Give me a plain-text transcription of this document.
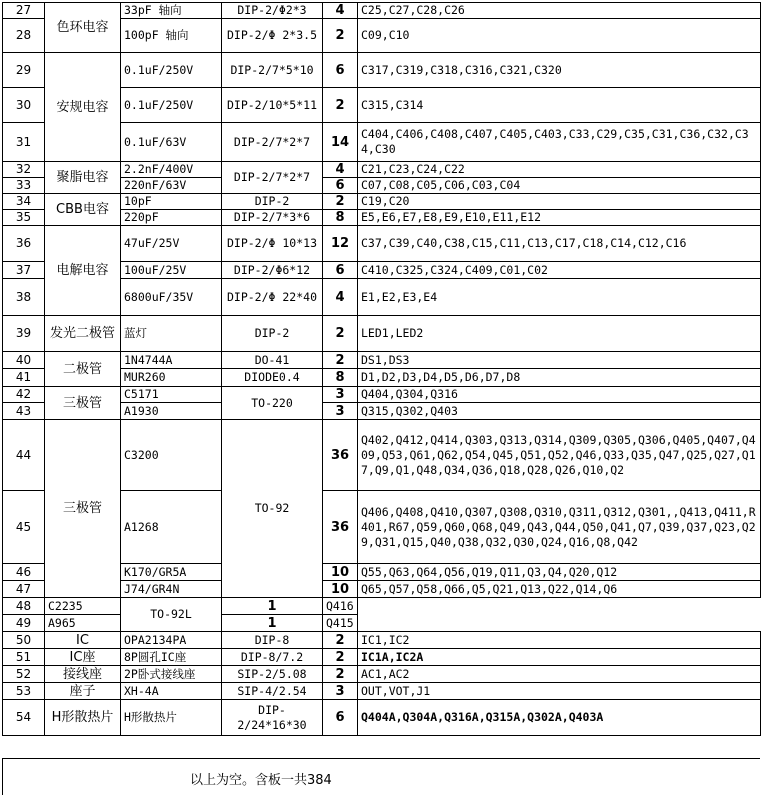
27	色环电容	33pF 轴向	DIP-2/Φ2*3	4	C25,C27,C28,C26
28		100pF 轴向	DIP-2/Φ 2*3.5	2	C09,C10
29	安规电容	0.1uF/250V	DIP-2/7*5*10	6	C317,C319,C318,C316,C321,C320
30		0.1uF/250V	DIP-2/10*5*11	2	C315,C314
31		0.1uF/63V	DIP-2/7*2*7	14	C404,C406,C408,C407,C405,C403,C33,C29,C35,C31,C36,C32,C34,C30
32	聚脂电容	2.2nF/400V	DIP-2/7*2*7	4	C21,C23,C24,C22
33		220nF/63V		6	C07,C08,C05,C06,C03,C04
34	CBB电容	10pF	DIP-2	2	C19,C20
35		220pF	DIP-2/7*3*6	8	E5,E6,E7,E8,E9,E10,E11,E12
36	电解电容	47uF/25V	DIP-2/Φ 10*13	12	C37,C39,C40,C38,C15,C11,C13,C17,C18,C14,C12,C16
37		100uF/25V	DIP-2/Φ6*12	6	C410,C325,C324,C409,C01,C02
38		6800uF/35V	DIP-2/Φ 22*40	4	E1,E2,E3,E4
39	发光二极管	蓝灯	DIP-2	2	LED1,LED2
40	二极管	1N4744A	DO-41	2	DS1,DS3
41		MUR260	DIODE0.4	8	D1,D2,D3,D4,D5,D6,D7,D8
42	三极管	C5171	TO-220	3	Q404,Q304,Q316
43		A1930		3	Q315,Q302,Q403
44	三极管	C3200	TO-92	36	Q402,Q412,Q414,Q303,Q313,Q314,Q309,Q305,Q306,Q405,Q407,Q409,Q53,Q61,Q62,Q54,Q45,Q51,Q52,Q46,Q33,Q35,Q47,Q25,Q27,Q17,Q9,Q1,Q48,Q34,Q36,Q18,Q28,Q26,Q10,Q2
45		A1268		36	Q406,Q408,Q410,Q307,Q308,Q310,Q311,Q312,Q301,,Q413,Q411,R401,R67,Q59,Q60,Q68,Q49,Q43,Q44,Q50,Q41,Q7,Q39,Q37,Q23,Q29,Q31,Q15,Q40,Q38,Q32,Q30,Q24,Q16,Q8,Q42
46		K170/GR5A		10	Q55,Q63,Q64,Q56,Q19,Q11,Q3,Q4,Q20,Q12
47		J74/GR4N		10	Q65,Q57,Q58,Q66,Q5,Q21,Q13,Q22,Q14,Q6
48	C2235	TO-92L	1	Q416	
49	A965		1	Q415	
50	IC	OPA2134PA	DIP-8	2	IC1,IC2
51	IC座	8P圆孔IC座	DIP-8/7.2	2	IC1A,IC2A
52	接线座	2P卧式接线座	SIP-2/5.08	2	AC1,AC2
53	座子	XH-4A	SIP-4/2.54	3	OUT,VOT,J1
54	H形散热片	H形散热片	DIP-2/24*16*30	6	Q404A,Q304A,Q316A,Q315A,Q302A,Q403A
以上为空。含板一共384
